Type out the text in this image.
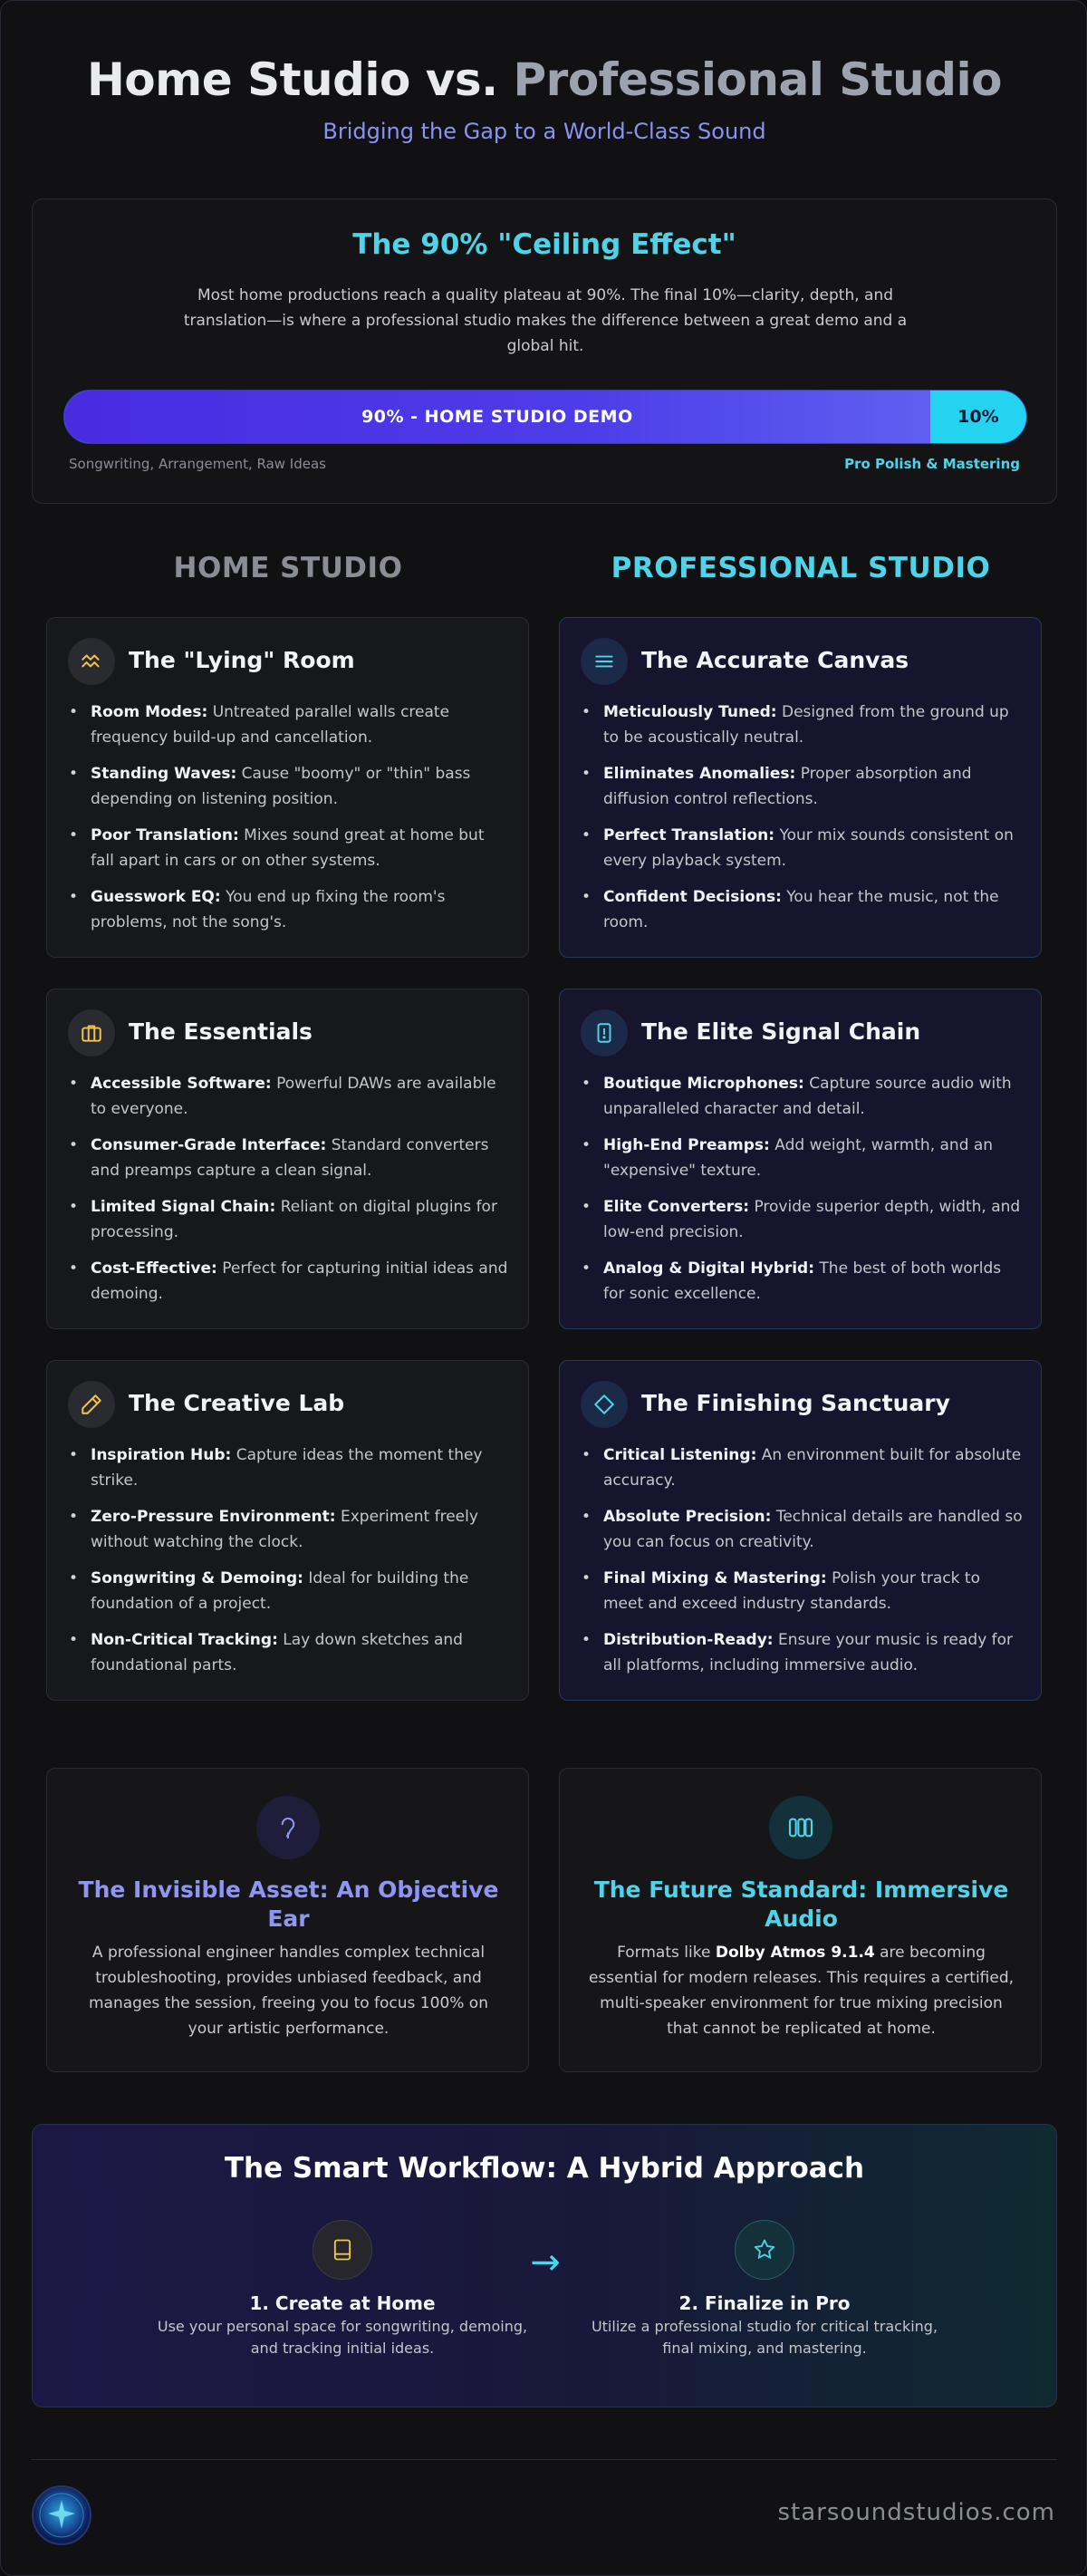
Home Studio vs. Professional Studio
Bridging the Gap to a World-Class Sound
The 90% "Ceiling Effect"
Most home productions reach a quality plateau at 90%. The final 10%—clarity, depth, and translation—is where a professional studio makes the difference between a great demo and a global hit.
90% - HOME STUDIO DEMO	10%
Songwriting, Arrangement, Raw Ideas	Pro Polish & Mastering
HOME STUDIO	PROFESSIONAL STUDIO
The "Lying" Room
• Room Modes: Untreated parallel walls create frequency build-up and cancellation.
• Standing Waves: Cause "boomy" or "thin" bass depending on listening position.
• Poor Translation: Mixes sound great at home but fall apart in cars or on other systems.
• Guesswork EQ: You end up fixing the room's problems, not the song's.
The Essentials
• Accessible Software: Powerful DAWs are available to everyone.
• Consumer-Grade Interface: Standard converters and preamps capture a clean signal.
• Limited Signal Chain: Reliant on digital plugins for processing.
• Cost-Effective: Perfect for capturing initial ideas and demoing.
The Creative Lab
• Inspiration Hub: Capture ideas the moment they strike.
• Zero-Pressure Environment: Experiment freely without watching the clock.
• Songwriting & Demoing: Ideal for building the foundation of a project.
• Non-Critical Tracking: Lay down sketches and foundational parts.
The Accurate Canvas
• Meticulously Tuned: Designed from the ground up to be acoustically neutral.
• Eliminates Anomalies: Proper absorption and diffusion control reflections.
• Perfect Translation: Your mix sounds consistent on every playback system.
• Confident Decisions: You hear the music, not the room.
The Elite Signal Chain
• Boutique Microphones: Capture source audio with unparalleled character and detail.
• High-End Preamps: Add weight, warmth, and an "expensive" texture.
• Elite Converters: Provide superior depth, width, and low-end precision.
• Analog & Digital Hybrid: The best of both worlds for sonic excellence.
The Finishing Sanctuary
• Critical Listening: An environment built for absolute accuracy.
• Absolute Precision: Technical details are handled so you can focus on creativity.
• Final Mixing & Mastering: Polish your track to meet and exceed industry standards.
• Distribution-Ready: Ensure your music is ready for all platforms, including immersive audio.
The Invisible Asset: An Objective Ear
A professional engineer handles complex technical troubleshooting, provides unbiased feedback, and manages the session, freeing you to focus 100% on your artistic performance.
The Future Standard: Immersive Audio
Formats like Dolby Atmos 9.1.4 are becoming essential for modern releases. This requires a certified, multi-speaker environment for true mixing precision that cannot be replicated at home.
The Smart Workflow: A Hybrid Approach
1. Create at Home
Use your personal space for songwriting, demoing, and tracking initial ideas.
→
2. Finalize in Pro
Utilize a professional studio for critical tracking, final mixing, and mastering.
starsoundstudios.com
